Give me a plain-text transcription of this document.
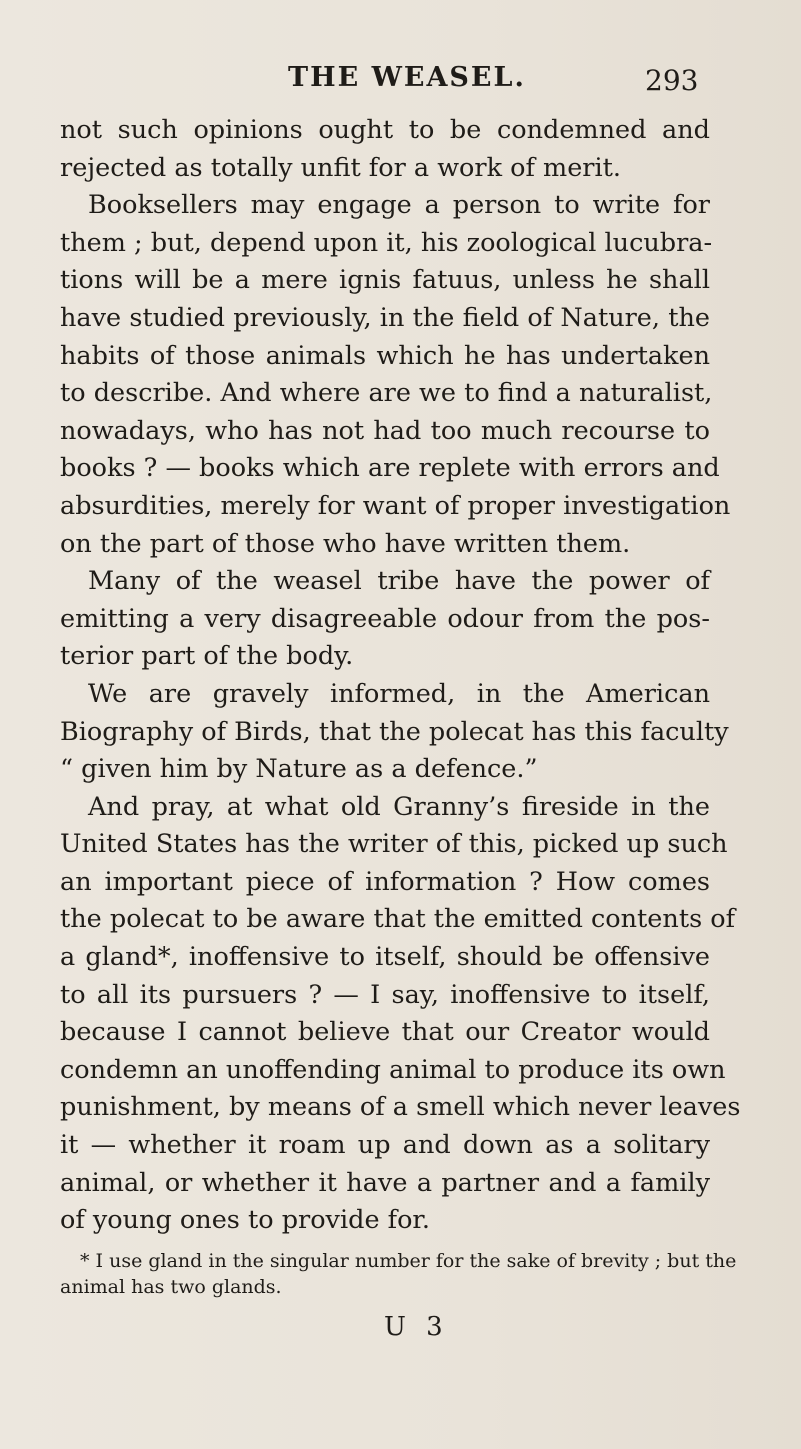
THE WEASEL.	293
not such opinions ought to be condemned and
rejected as totally unfit for a work of merit.
Booksellers may engage a person to write for
them ; but, depend upon it, his zoological lucubra-
tions will be a mere ignis fatuus, unless he shall
have studied previously, in the field of Nature, the
habits of those animals which he has undertaken
to describe. And where are we to find a naturalist,
nowadays, who has not had too much recourse to
books ? — books which are replete with errors and
absurdities, merely for want of proper investigation
on the part of those who have written them.
Many of the weasel tribe have the power of
emitting a very disagreeable odour from the pos-
terior part of the body.
We are gravely informed, in the American
Biography of Birds, that the polecat has this faculty
“ given him by Nature as a defence.”
And pray, at what old Granny’s fireside in the
United States has the writer of this, picked up such
an important piece of information ? How comes
the polecat to be aware that the emitted contents of
a gland*, inoffensive to itself, should be offensive
to all its pursuers ? — I say, inoffensive to itself,
because I cannot believe that our Creator would
condemn an unoffending animal to produce its own
punishment, by means of a smell which never leaves
it — whether it roam up and down as a solitary
animal, or whether it have a partner and a family
of young ones to provide for.
* I use gland in the singular number for the sake of brevity ; but the
animal has two glands.
U 3
